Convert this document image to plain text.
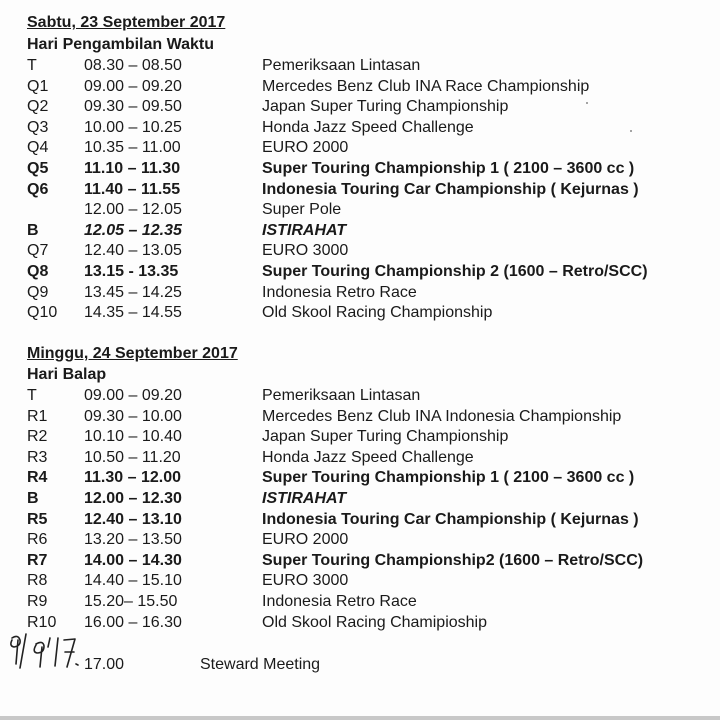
Sabtu, 23 September 2017
Hari Pengambilan Waktu
T	08.30 – 08.50	Pemeriksaan Lintasan
Q1 09.00 – 09.20	Mercedes Benz Club INA Race Championship
Q2 09.30 – 09.50	Japan Super Turing Championship
Q3 10.00 – 10.25	Honda Jazz Speed Challenge
Q4 10.35 – 11.00	EURO 2000
Q5 11.10 – 11.30	Super Touring Championship 1 ( 2100 – 3600 cc )
Q6 11.40 – 11.55	Indonesia Touring Car Championship ( Kejurnas )
12.00 – 12.05	Super Pole
B	12.05 – 12.35	ISTIRAHAT
Q7 12.40 – 13.05	EURO 3000
Q8 13.15 - 13.35	Super Touring Championship 2 (1600 – Retro/SCC)
Q9 13.45 – 14.25	Indonesia Retro Race
Q10 14.35 – 14.55	Old Skool Racing Championship
Minggu, 24 September 2017
Hari Balap
T	09.00 – 09.20	Pemeriksaan Lintasan
R1 09.30 – 10.00	Mercedes Benz Club INA Indonesia Championship
R2 10.10 – 10.40	Japan Super Turing Championship
R3 10.50 – 11.20	Honda Jazz Speed Challenge
R4 11.30 – 12.00	Super Touring Championship 1 ( 2100 – 3600 cc )
B	12.00 – 12.30	ISTIRAHAT
R5 12.40 – 13.10	Indonesia Touring Car Championship ( Kejurnas )
R6 13.20 – 13.50	EURO 2000
R7 14.00 – 14.30	Super Touring Championship2 (1600 – Retro/SCC)
R8 14.40 – 15.10	EURO 3000
R9 15.20– 15.50	Indonesia Retro Race
R10 16.00 – 16.30	Old Skool Racing Chamipioship
17.00	Steward Meeting
